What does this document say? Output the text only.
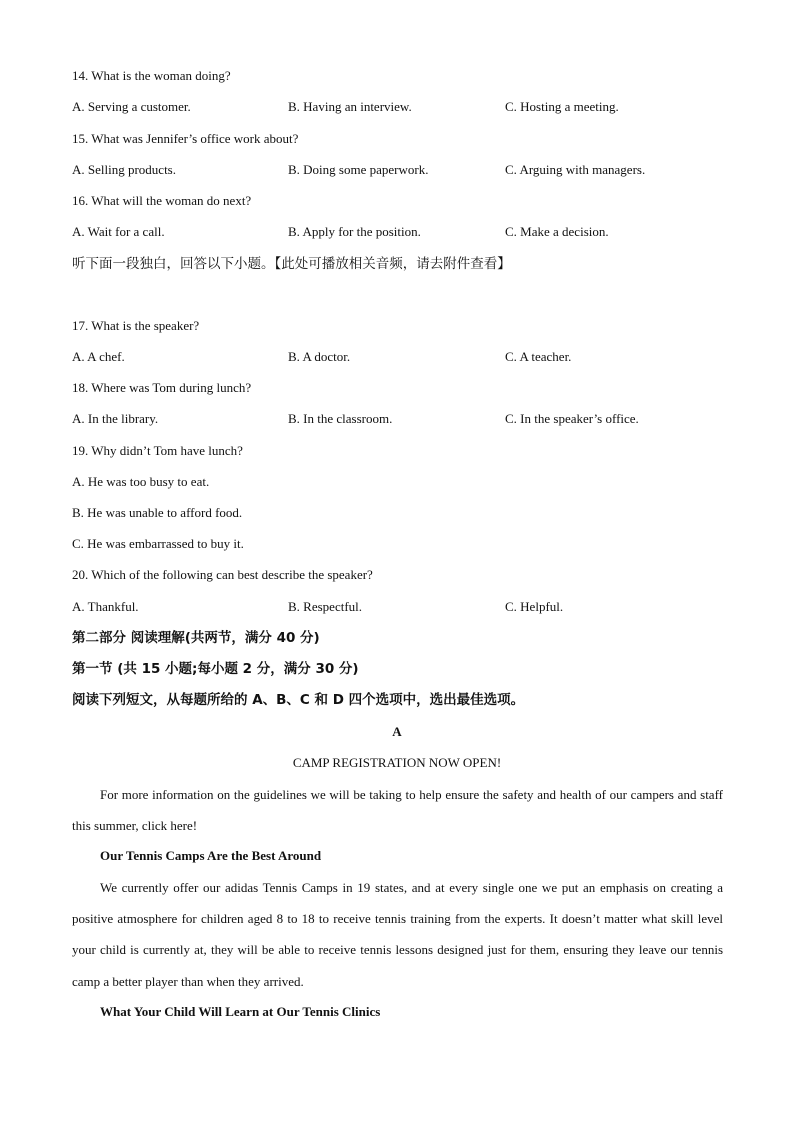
14. What is the woman doing?
A. Serving a customer.	B. Having an interview.	C. Hosting a meeting.
15. What was Jennifer’s office work about?
A. Selling products.	B. Doing some paperwork.	C. Arguing with managers.
16. What will the woman do next?
A. Wait for a call.	B. Apply for the position.	C. Make a decision.
听下面一段独白，回答以下小题。【此处可播放相关音频，请去附件查看】
17. What is the speaker?
A. A chef.	B. A doctor.	C. A teacher.
18. Where was Tom during lunch?
A. In the library.	B. In the classroom.	C. In the speaker’s office.
19. Why didn’t Tom have lunch?
A. He was too busy to eat.
B. He was unable to afford food.
C. He was embarrassed to buy it.
20. Which of the following can best describe the speaker?
A. Thankful.	B. Respectful.	C. Helpful.
第二部分 阅读理解(共两节，满分 40 分)
第一节 (共 15 小题;每小题 2 分，满分 30 分)
阅读下列短文，从每题所给的 A、B、C 和 D 四个选项中，选出最佳选项。
A
CAMP REGISTRATION NOW OPEN!
For more information on the guidelines we will be taking to help ensure the safety and health of our campers and staff this summer, click here!
Our Tennis Camps Are the Best Around
We currently offer our adidas Tennis Camps in 19 states, and at every single one we put an emphasis on creating a positive atmosphere for children aged 8 to 18 to receive tennis training from the experts. It doesn’t matter what skill level your child is currently at, they will be able to receive tennis lessons designed just for them, ensuring they leave our tennis camp a better player than when they arrived.
What Your Child Will Learn at Our Tennis Clinics
